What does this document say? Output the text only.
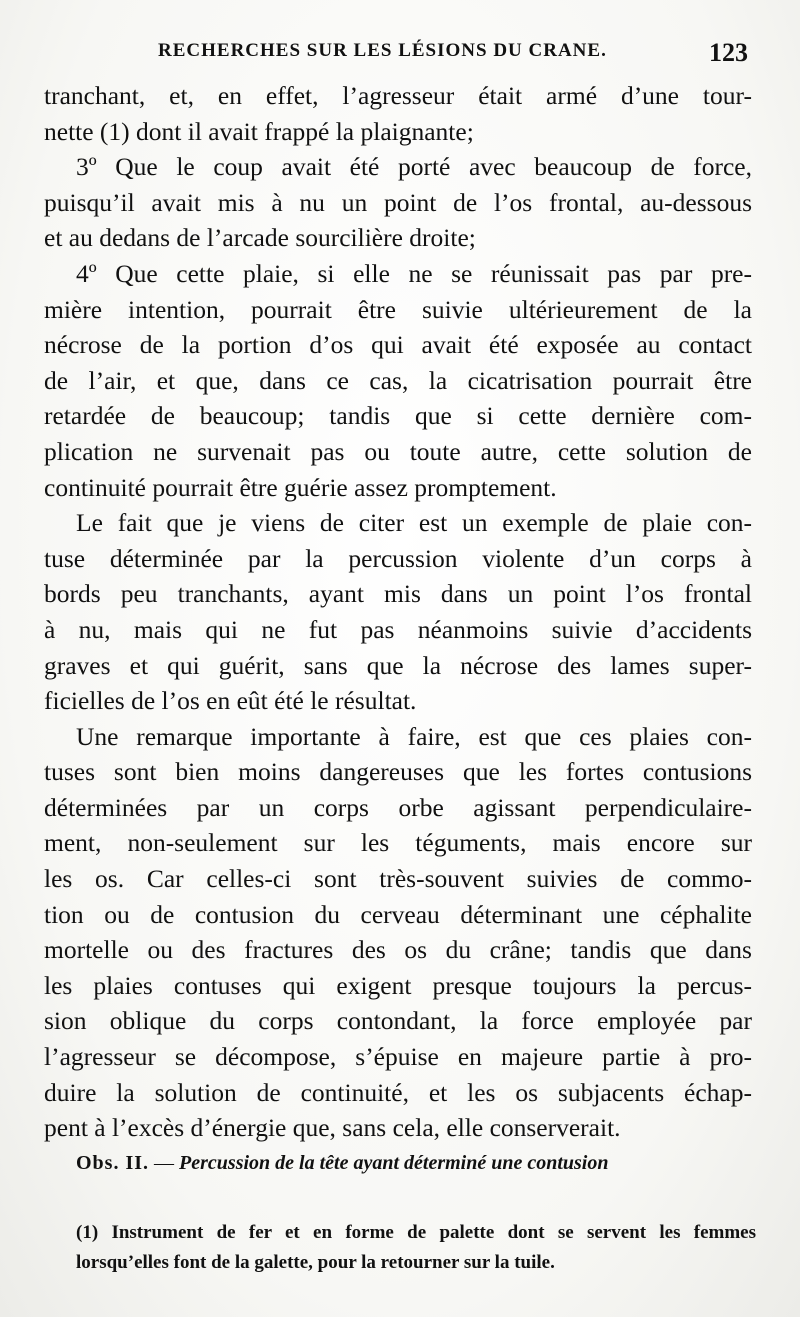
RECHERCHES SUR LES LÉSIONS DU CRANE.	123
tranchant, et, en effet, l’agresseur était armé d’une tour-
nette (1) dont il avait frappé la plaignante;
3º Que le coup avait été porté avec beaucoup de force,
puisqu’il avait mis à nu un point de l’os frontal, au-dessous
et au dedans de l’arcade sourcilière droite;
4º Que cette plaie, si elle ne se réunissait pas par pre-
mière intention, pourrait être suivie ultérieurement de la
nécrose de la portion d’os qui avait été exposée au contact
de l’air, et que, dans ce cas, la cicatrisation pourrait être
retardée de beaucoup; tandis que si cette dernière com-
plication ne survenait pas ou toute autre, cette solution de
continuité pourrait être guérie assez promptement.
Le fait que je viens de citer est un exemple de plaie con-
tuse déterminée par la percussion violente d’un corps à
bords peu tranchants, ayant mis dans un point l’os frontal
à nu, mais qui ne fut pas néanmoins suivie d’accidents
graves et qui guérit, sans que la nécrose des lames super-
ficielles de l’os en eût été le résultat.
Une remarque importante à faire, est que ces plaies con-
tuses sont bien moins dangereuses que les fortes contusions
déterminées par un corps orbe agissant perpendiculaire-
ment, non-seulement sur les téguments, mais encore sur
les os. Car celles-ci sont très-souvent suivies de commo-
tion ou de contusion du cerveau déterminant une céphalite
mortelle ou des fractures des os du crâne; tandis que dans
les plaies contuses qui exigent presque toujours la percus-
sion oblique du corps contondant, la force employée par
l’agresseur se décompose, s’épuise en majeure partie à pro-
duire la solution de continuité, et les os subjacents échap-
pent à l’excès d’énergie que, sans cela, elle conserverait.
Obs. II. — Percussion de la tête ayant déterminé une contusion
(1) Instrument de fer et en forme de palette dont se servent les femmes
lorsqu’elles font de la galette, pour la retourner sur la tuile.
